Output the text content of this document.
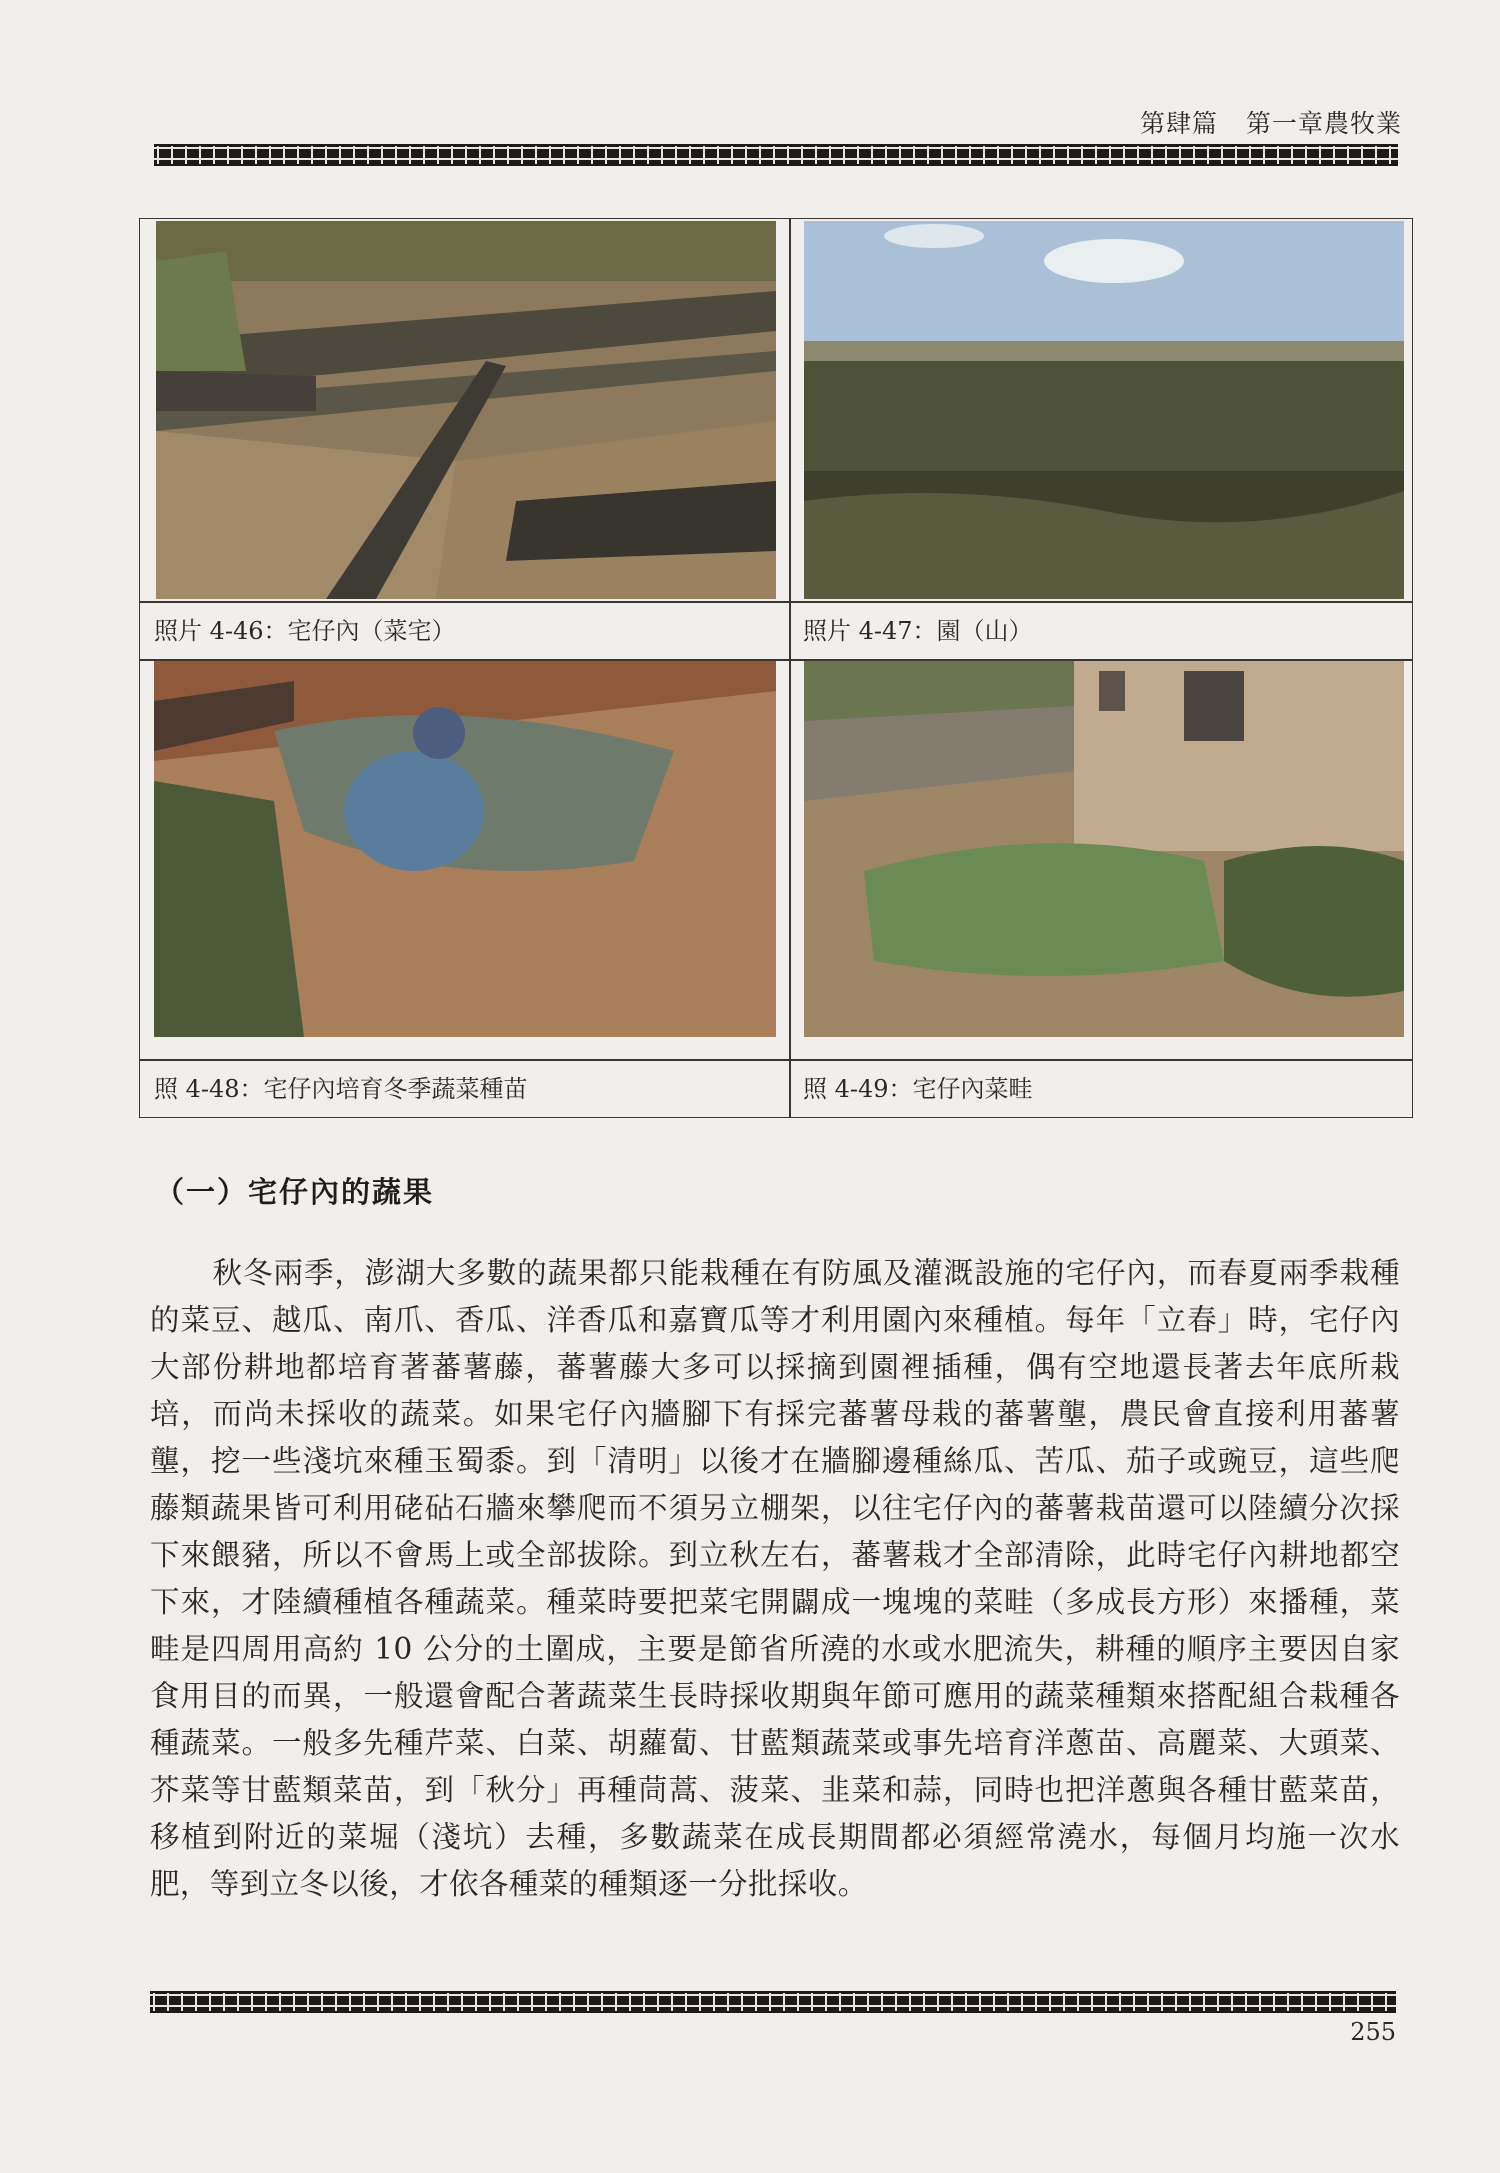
第肆篇 第一章農牧業
照片 4-46：宅仔內（菜宅）	照片 4-47：園（山）
照 4-48：宅仔內培育冬季蔬菜種苗	照 4-49：宅仔內菜畦
（一）宅仔內的蔬果
秋冬兩季，澎湖大多數的蔬果都只能栽種在有防風及灌溉設施的宅仔內，而春夏兩季栽種的菜豆、越瓜、南爪、香瓜、洋香瓜和嘉寶瓜等才利用園內來種植。每年「立春」時，宅仔內大部份耕地都培育著蕃薯藤，蕃薯藤大多可以採摘到園裡插種，偶有空地還長著去年底所栽培，而尚未採收的蔬菜。如果宅仔內牆腳下有採完蕃薯母栽的蕃薯壟，農民會直接利用蕃薯壟，挖一些淺坑來種玉蜀黍。到「清明」以後才在牆腳邊種絲瓜、苦瓜、茄子或豌豆，這些爬藤類蔬果皆可利用硓砧石牆來攀爬而不須另立棚架，以往宅仔內的蕃薯栽苗還可以陸續分次採下來餵豬，所以不會馬上或全部拔除。到立秋左右，蕃薯栽才全部清除，此時宅仔內耕地都空下來，才陸續種植各種蔬菜。種菜時要把菜宅開闢成一塊塊的菜畦（多成長方形）來播種，菜畦是四周用高約 10 公分的土圍成，主要是節省所澆的水或水肥流失，耕種的順序主要因自家食用目的而異，一般還會配合著蔬菜生長時採收期與年節可應用的蔬菜種類來搭配組合栽種各種蔬菜。一般多先種芹菜、白菜、胡蘿蔔、甘藍類蔬菜或事先培育洋蔥苗、高麗菜、大頭菜、芥菜等甘藍類菜苗，到「秋分」再種茼蒿、菠菜、韭菜和蒜，同時也把洋蔥與各種甘藍菜苗，移植到附近的菜堀（淺坑）去種，多數蔬菜在成長期間都必須經常澆水，每個月均施一次水肥，等到立冬以後，才依各種菜的種類逐一分批採收。
255
